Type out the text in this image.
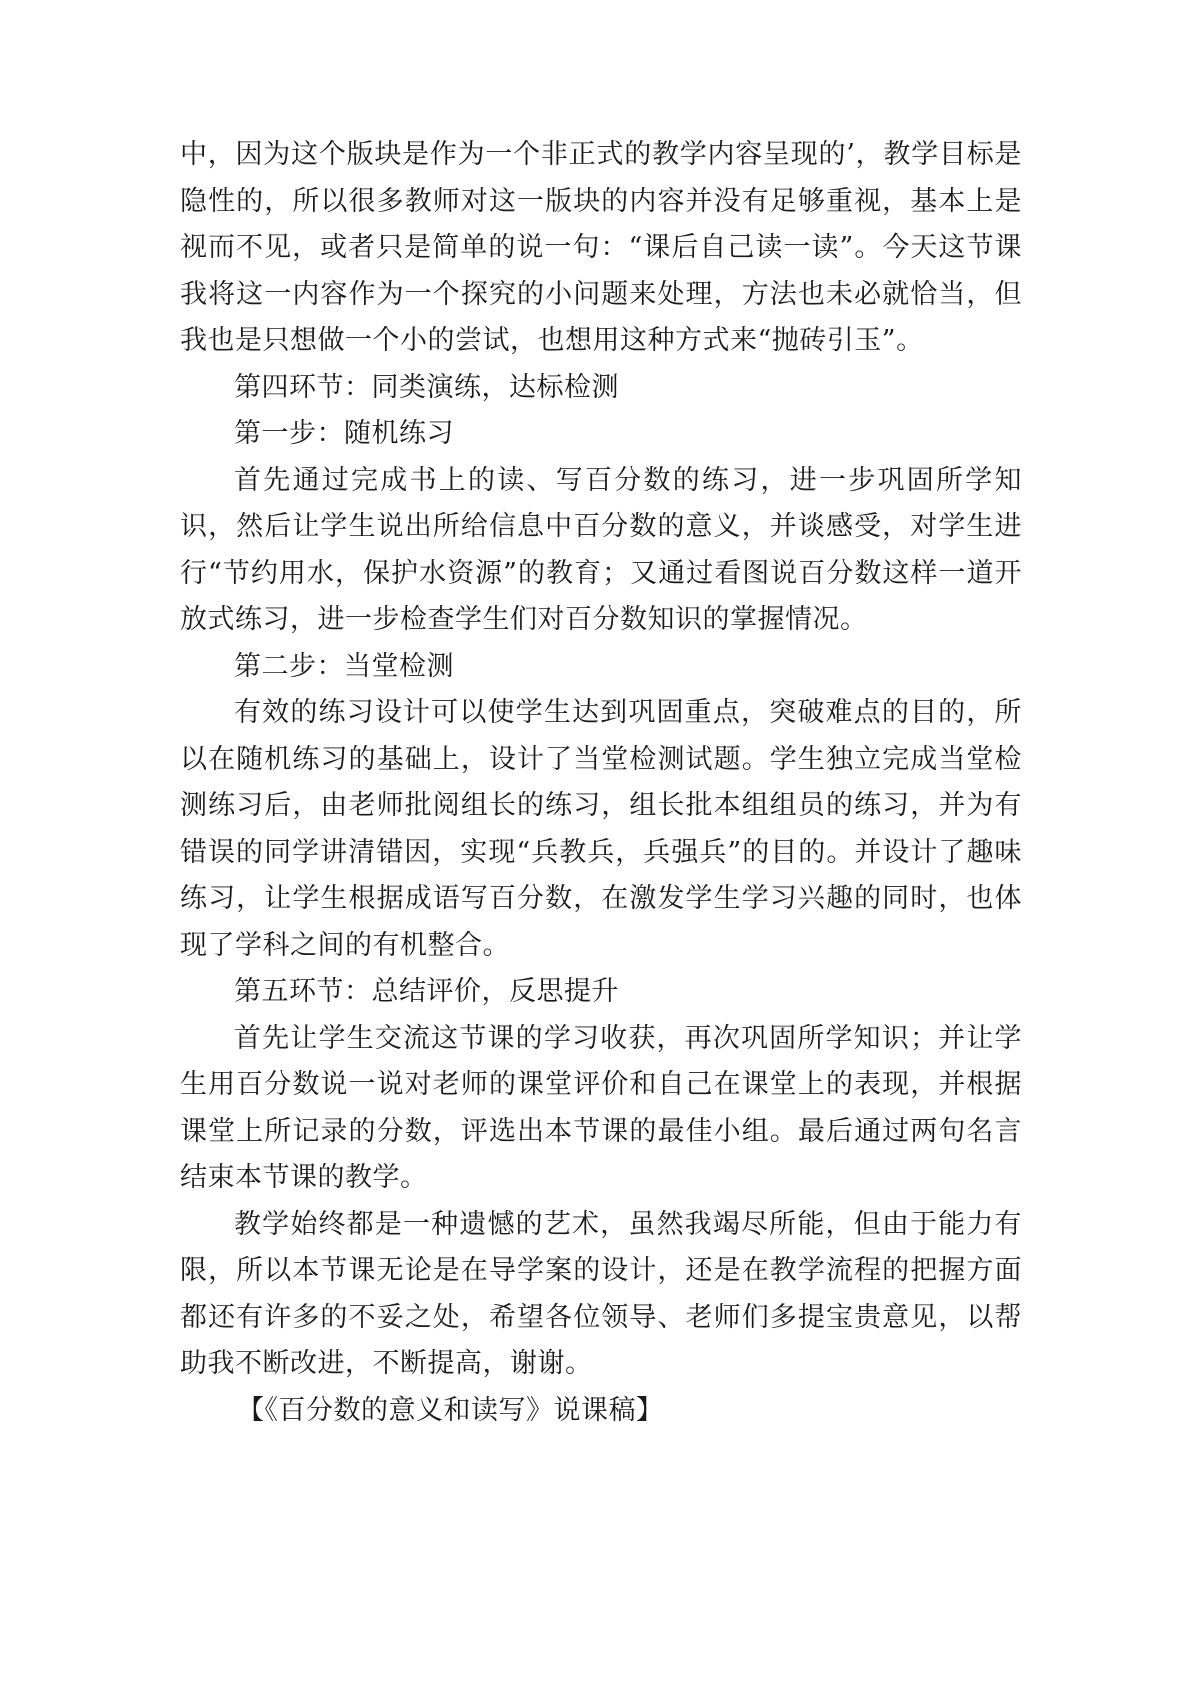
中，因为这个版块是作为一个非正式的教学内容呈现的’，教学目标是隐性的，所以很多教师对这一版块的内容并没有足够重视，基本上是视而不见，或者只是简单的说一句：“课后自己读一读”。今天这节课我将这一内容作为一个探究的小问题来处理，方法也未必就恰当，但我也是只想做一个小的尝试，也想用这种方式来“抛砖引玉”。

第四环节：同类演练，达标检测

第一步：随机练习

首先通过完成书上的读、写百分数的练习，进一步巩固所学知识，然后让学生说出所给信息中百分数的意义，并谈感受，对学生进行“节约用水，保护水资源”的教育；又通过看图说百分数这样一道开放式练习，进一步检查学生们对百分数知识的掌握情况。

第二步：当堂检测

有效的练习设计可以使学生达到巩固重点，突破难点的目的，所以在随机练习的基础上，设计了当堂检测试题。学生独立完成当堂检测练习后，由老师批阅组长的练习，组长批本组组员的练习，并为有错误的同学讲清错因，实现“兵教兵，兵强兵”的目的。并设计了趣味练习，让学生根据成语写百分数，在激发学生学习兴趣的同时，也体现了学科之间的有机整合。

第五环节：总结评价，反思提升

首先让学生交流这节课的学习收获，再次巩固所学知识；并让学生用百分数说一说对老师的课堂评价和自己在课堂上的表现，并根据课堂上所记录的分数，评选出本节课的最佳小组。最后通过两句名言结束本节课的教学。

教学始终都是一种遗憾的艺术，虽然我竭尽所能，但由于能力有限，所以本节课无论是在导学案的设计，还是在教学流程的把握方面都还有许多的不妥之处，希望各位领导、老师们多提宝贵意见，以帮助我不断改进，不断提高，谢谢。

【《百分数的意义和读写》说课稿】
